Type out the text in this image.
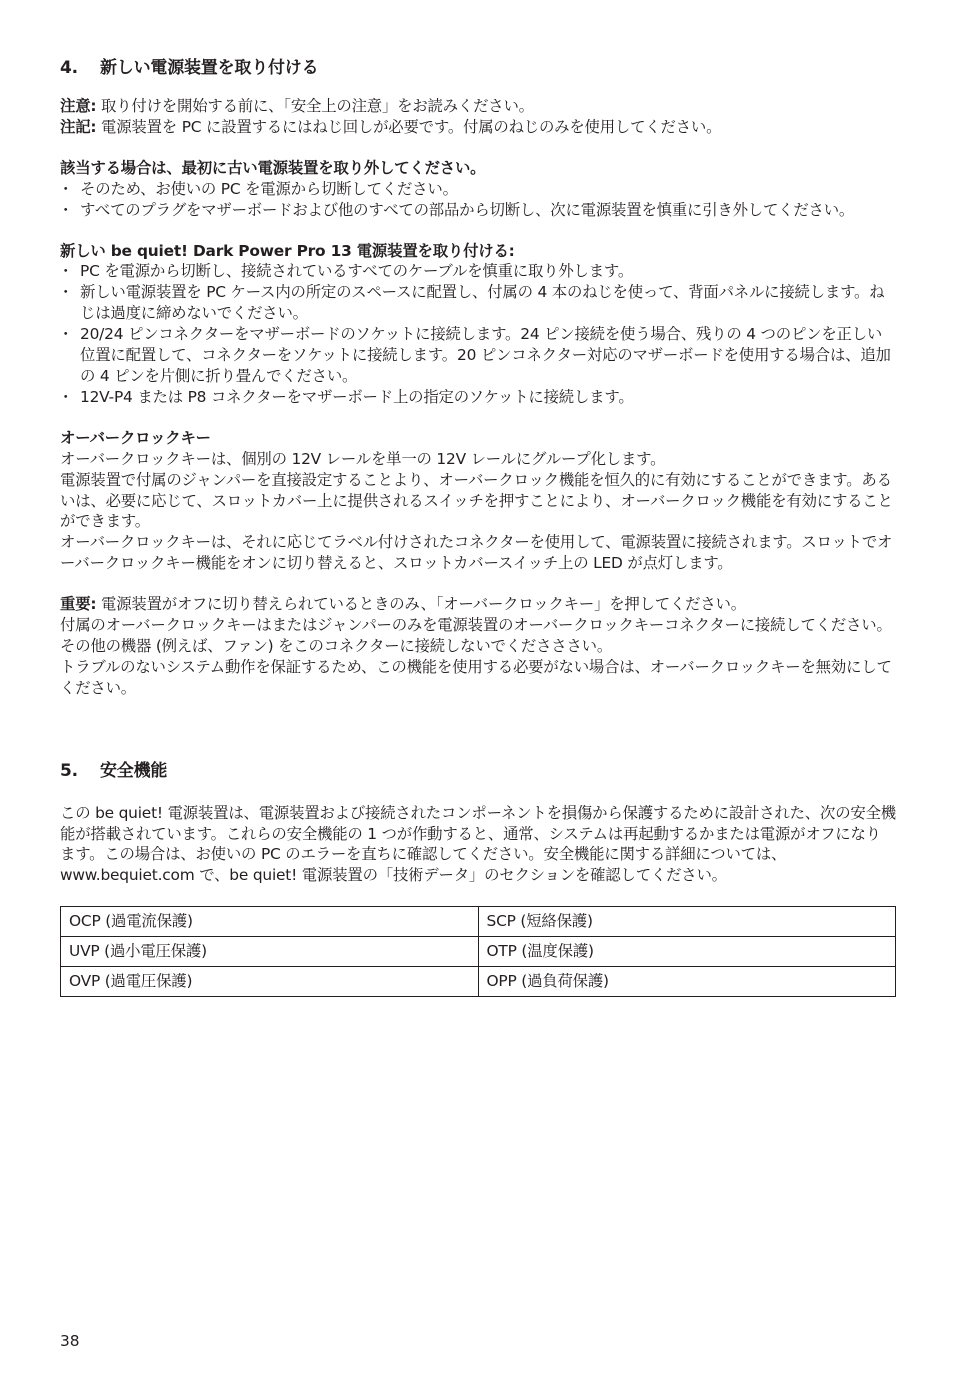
4.	新しい電源装置を取り付ける

注意: 取り付けを開始する前に、「安全上の注意」をお読みください。

注記: 電源装置を PC に設置するにはねじ回しが必要です。付属のねじのみを使用してください。

該当する場合は、最初に古い電源装置を取り外してください。

・ そのため、お使いの PC を電源から切断してください。
・ すべてのプラグをマザーボードおよび他のすべての部品から切断し、次に電源装置を慎重に引き外してください。

新しい be quiet! Dark Power Pro 13 電源装置を取り付ける:

・ PC を電源から切断し、接続されているすべてのケーブルを慎重に取り外します。
・ 新しい電源装置を PC ケース内の所定のスペースに配置し、付属の 4 本のねじを使って、背面パネルに接続します。ねじは過度に締めないでください。
・ 20/24 ピンコネクターをマザーボードのソケットに接続します。24 ピン接続を使う場合、残りの 4 つのピンを正しい位置に配置して、コネクターをソケットに接続します。20 ピンコネクター対応のマザーボードを使用する場合は、追加の 4 ピンを片側に折り畳んでください。
・ 12V-P4 または P8 コネクターをマザーボード上の指定のソケットに接続します。

オーバークロックキー

オーバークロックキーは、個別の 12V レールを単一の 12V レールにグループ化します。

電源装置で付属のジャンパーを直接設定することより、オーバークロック機能を恒久的に有効にすることができます。あるいは、必要に応じて、スロットカバー上に提供されるスイッチを押すことにより、オーバークロック機能を有効にすることができます。

オーバークロックキーは、それに応じてラベル付けされたコネクターを使用して、電源装置に接続されます。スロットでオーバークロックキー機能をオンに切り替えると、スロットカバースイッチ上の LED が点灯します。

重要: 電源装置がオフに切り替えられているときのみ、「オーバークロックキー」を押してください。

付属のオーバークロックキーはまたはジャンパーのみを電源装置のオーバークロックキーコネクターに接続してください。その他の機器 (例えば、ファン) をこのコネクターに接続しないでくださささい。

トラブルのないシステム動作を保証するため、この機能を使用する必要がない場合は、オーバークロックキーを無効にしてください。

5.	安全機能

この be quiet! 電源装置は、電源装置および接続されたコンポーネントを損傷から保護するために設計された、次の安全機能が搭載されています。これらの安全機能の 1 つが作動すると、通常、システムは再起動するかまたは電源がオフになります。この場合は、お使いの PC のエラーを直ちに確認してください。安全機能に関する詳細については、www.bequiet.com で、be quiet! 電源装置の「技術データ」のセクションを確認してください。

OCP (過電流保護)	SCP (短絡保護)
UVP (過小電圧保護)	OTP (温度保護)
OVP (過電圧保護)	OPP (過負荷保護)
38
